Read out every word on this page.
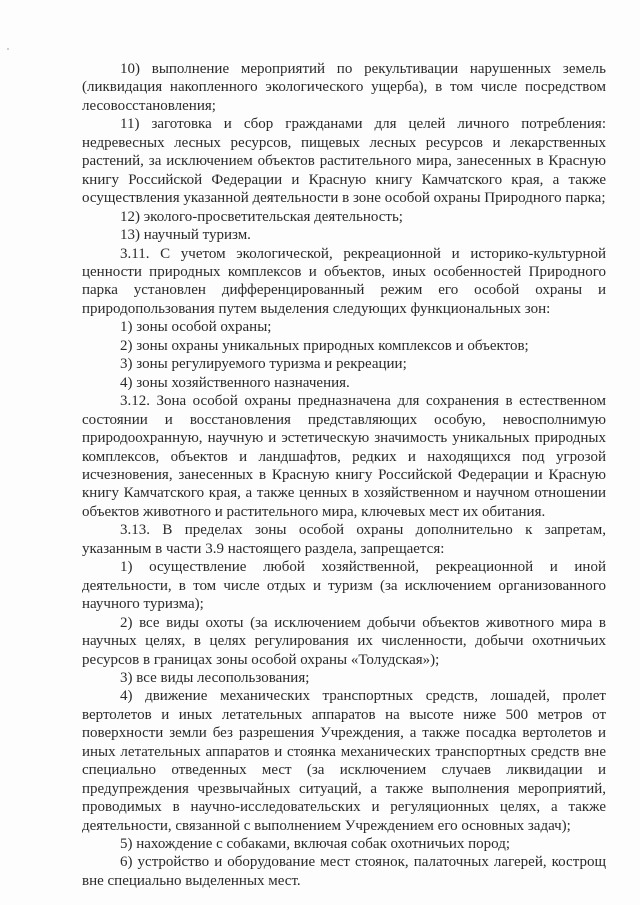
10) выполнение мероприятий по рекультивации нарушенных земель (ликвидация накопленного экологического ущерба), в том числе посредством лесовосстановления;

11) заготовка и сбор гражданами для целей личного потребления: недревесных лесных ресурсов, пищевых лесных ресурсов и лекарственных растений, за исключением объектов растительного мира, занесенных в Красную книгу Российской Федерации и Красную книгу Камчатского края, а также осуществления указанной деятельности в зоне особой охраны Природного парка;

12) эколого-просветительская деятельность;

13) научный туризм.

3.11. С учетом экологической, рекреационной и историко-культурной ценности природных комплексов и объектов, иных особенностей Природного парка установлен дифференцированный режим его особой охраны и природопользования путем выделения следующих функциональных зон:

1) зоны особой охраны;

2) зоны охраны уникальных природных комплексов и объектов;

3) зоны регулируемого туризма и рекреации;

4) зоны хозяйственного назначения.

3.12. Зона особой охраны предназначена для сохранения в естественном состоянии и восстановления представляющих особую, невосполнимую природоохранную, научную и эстетическую значимость уникальных природных комплексов, объектов и ландшафтов, редких и находящихся под угрозой исчезновения, занесенных в Красную книгу Российской Федерации и Красную книгу Камчатского края, а также ценных в хозяйственном и научном отношении объектов животного и растительного мира, ключевых мест их обитания.

3.13. В пределах зоны особой охраны дополнительно к запретам, указанным в части 3.9 настоящего раздела, запрещается:

1) осуществление любой хозяйственной, рекреационной и иной деятельности, в том числе отдых и туризм (за исключением организованного научного туризма);

2) все виды охоты (за исключением добычи объектов животного мира в научных целях, в целях регулирования их численности, добычи охотничьих ресурсов в границах зоны особой охраны «Толудская»);

3) все виды лесопользования;

4) движение механических транспортных средств, лошадей, пролет вертолетов и иных летательных аппаратов на высоте ниже 500 метров от поверхности земли без разрешения Учреждения, а также посадка вертолетов и иных летательных аппаратов и стоянка механических транспортных средств вне специально отведенных мест (за исключением случаев ликвидации и предупреждения чрезвычайных ситуаций, а также выполнения мероприятий, проводимых в научно-исследовательских и регуляционных целях, а также деятельности, связанной с выполнением Учреждением его основных задач);

5) нахождение с собаками, включая собак охотничьих пород;

6) устройство и оборудование мест стоянок, палаточных лагерей, кострощ вне специально выделенных мест.
